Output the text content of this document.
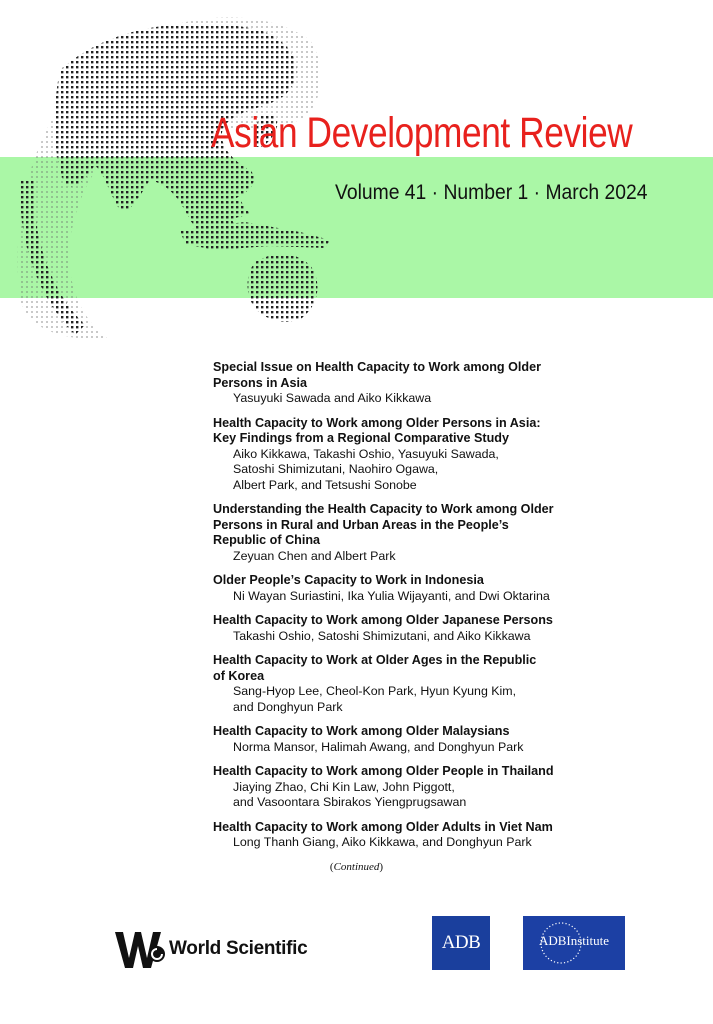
Asian Development Review
Volume 41 · Number 1 · March 2024
Special Issue on Health Capacity to Work among Older
Persons in Asia
Yasuyuki Sawada and Aiko Kikkawa
Health Capacity to Work among Older Persons in Asia:
Key Findings from a Regional Comparative Study
Aiko Kikkawa, Takashi Oshio, Yasuyuki Sawada,
Satoshi Shimizutani, Naohiro Ogawa,
Albert Park, and Tetsushi Sonobe
Understanding the Health Capacity to Work among Older
Persons in Rural and Urban Areas in the People’s
Republic of China
Zeyuan Chen and Albert Park
Older People’s Capacity to Work in Indonesia
Ni Wayan Suriastini, Ika Yulia Wijayanti, and Dwi Oktarina
Health Capacity to Work among Older Japanese Persons
Takashi Oshio, Satoshi Shimizutani, and Aiko Kikkawa
Health Capacity to Work at Older Ages in the Republic
of Korea
Sang-Hyop Lee, Cheol-Kon Park, Hyun Kyung Kim,
and Donghyun Park
Health Capacity to Work among Older Malaysians
Norma Mansor, Halimah Awang, and Donghyun Park
Health Capacity to Work among Older People in Thailand
Jiaying Zhao, Chi Kin Law, John Piggott,
and Vasoontara Sbirakos Yiengprugsawan
Health Capacity to Work among Older Adults in Viet Nam
Long Thanh Giang, Aiko Kikkawa, and Donghyun Park
(Continued)
World Scientific	ADB	ADBInstitute
